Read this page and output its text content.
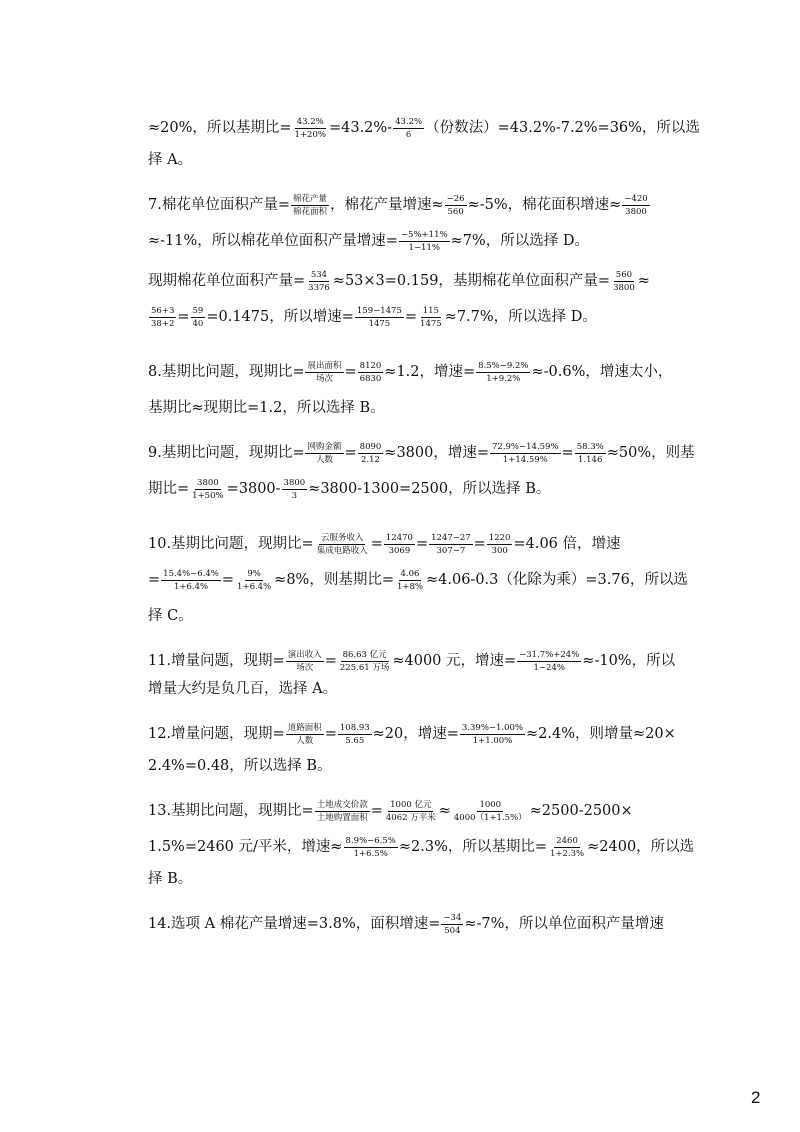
≈20%，所以基期比= $\frac{43.2\%}{1+20\%} =43.2\%- \frac{43.2\%}{6}$ （份数法）=43.2%-7.2%=36%，所以选
择 A。
7.棉花单位面积产量= $\frac{\text{棉花产量}}{\text{棉花面积}}$ ，棉花产量增速≈ $\frac{-26}{560} \approx-5\%$，棉花面积增速≈ $\frac{-420}{3800}$
≈-11%，所以棉花单位面积产量增速= $\frac{-5\%+11\%}{1-11\%} \approx 7\%$，所以选择 D。
现期棉花单位面积产量= $\frac{534}{3376} \approx 53\times 3=0.159$，基期棉花单位面积产量= $\frac{560}{3800}$ ≈
$\frac{56+3}{38+2} = \frac{59}{40} =0.1475$，所以增速= $\frac{159-1475}{1475} = \frac{115}{1475} \approx 7.7\%$，所以选择 D。
8.基期比问题，现期比= $\frac{\text{展出面积}}{\text{场次}} = \frac{8120}{6830} \approx 1.2$，增速= $\frac{8.5\%-9.2\%}{1+9.2\%} \approx-0.6\%$，增速太小，
基期比≈现期比=1.2，所以选择 B。
9.基期比问题，现期比= $\frac{\text{网购金额}}{\text{人数}} = \frac{8090}{2.12} \approx 3800$，增速= $\frac{72.9\%-14.59\%}{1+14.59\%} = \frac{58.3\%}{1.146} \approx 50\%$，则基
期比= $\frac{3800}{1+50\%} =3800- \frac{3800}{3} \approx 3800-1300=2500$，所以选择 B。
10.基期比问题，现期比= $\frac{\text{云服务收入}}{\text{集成电路收入}} = \frac{12470}{3069} = \frac{1247-27}{307-7} = \frac{1220}{300} =4.06$ 倍，增速
= $\frac{15.4\%-6.4\%}{1+6.4\%} = \frac{9\%}{1+6.4\%} \approx 8\%$，则基期比= $\frac{4.06}{1+8\%} \approx 4.06-0.3$（化除为乘）=3.76，所以选
择 C。
11.增量问题，现期= $\frac{\text{演出收入}}{\text{场次}} = \frac{\text{86.63 亿元}}{\text{225.61 万场}} \approx 4000$ 元，增速= $\frac{-31.7\%+24\%}{1-24\%} \approx-10\%$，所以
增量大约是负几百，选择 A。
12.增量问题，现期= $\frac{\text{道路面积}}{\text{人数}} = \frac{108.93}{5.65} \approx 20$，增速= $\frac{3.39\%-1.00\%}{1+1.00\%} \approx 2.4\%$，则增量≈20×
2.4%=0.48，所以选择 B。
13.基期比问题，现期比= $\frac{\text{土地成交价款}}{\text{土地购置面积}} = \frac{\text{1000 亿元}}{\text{4062 万平米}} \approx \frac{1000}{4000(1+1.5\%)} \approx 2500-2500\times$
1.5%=2460 元/平米，增速≈ $\frac{8.9\%-6.5\%}{1+6.5\%} \approx 2.3\%$，所以基期比= $\frac{2460}{1+2.3\%} \approx 2400$，所以选
择 B。
14.选项 A 棉花产量增速=3.8%，面积增速= $\frac{-34}{504} \approx-7\%$，所以单位面积产量增速
2
